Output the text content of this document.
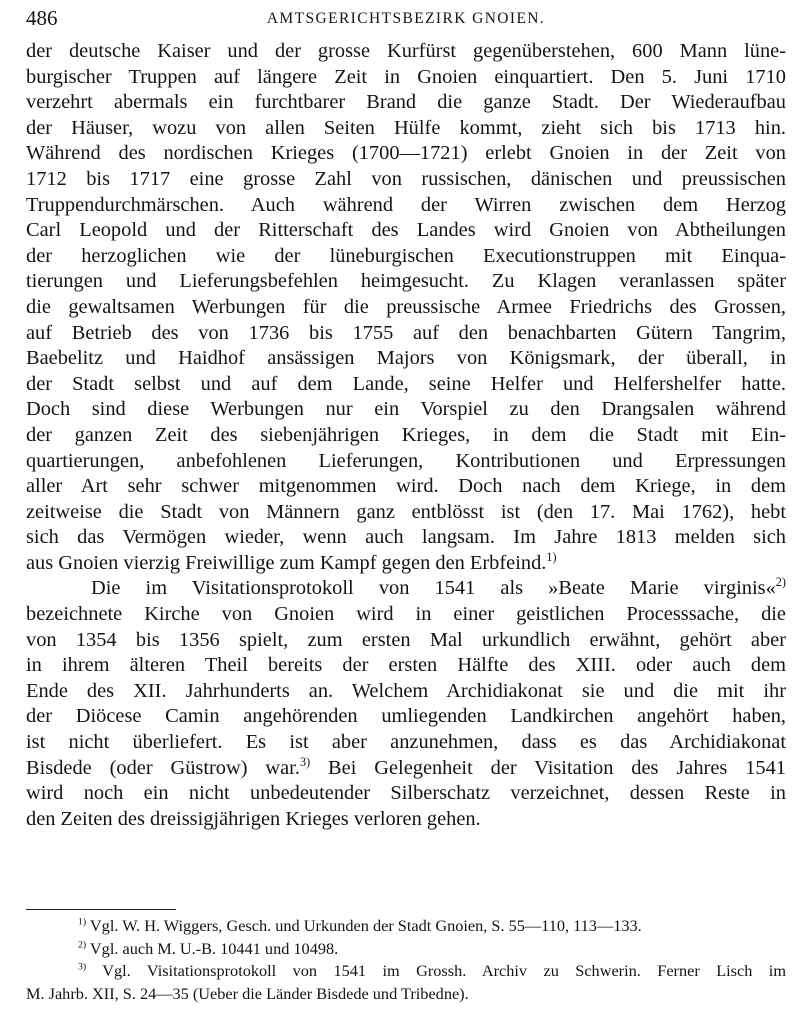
486	AMTSGERICHTSBEZIRK GNOIEN.
der deutsche Kaiser und der grosse Kurfürst gegenüberstehen, 600 Mann lüne-
burgischer Truppen auf längere Zeit in Gnoien einquartiert. Den 5. Juni 1710
verzehrt abermals ein furchtbarer Brand die ganze Stadt. Der Wiederaufbau
der Häuser, wozu von allen Seiten Hülfe kommt, zieht sich bis 1713 hin.
Während des nordischen Krieges (1700—1721) erlebt Gnoien in der Zeit von
1712 bis 1717 eine grosse Zahl von russischen, dänischen und preussischen
Truppendurchmärschen. Auch während der Wirren zwischen dem Herzog
Carl Leopold und der Ritterschaft des Landes wird Gnoien von Abtheilungen
der herzoglichen wie der lüneburgischen Executionstruppen mit Einqua-
tierungen und Lieferungsbefehlen heimgesucht. Zu Klagen veranlassen später
die gewaltsamen Werbungen für die preussische Armee Friedrichs des Grossen,
auf Betrieb des von 1736 bis 1755 auf den benachbarten Gütern Tangrim,
Baebelitz und Haidhof ansässigen Majors von Königsmark, der überall, in
der Stadt selbst und auf dem Lande, seine Helfer und Helfershelfer hatte.
Doch sind diese Werbungen nur ein Vorspiel zu den Drangsalen während
der ganzen Zeit des siebenjährigen Krieges, in dem die Stadt mit Ein-
quartierungen, anbefohlenen Lieferungen, Kontributionen und Erpressungen
aller Art sehr schwer mitgenommen wird. Doch nach dem Kriege, in dem
zeitweise die Stadt von Männern ganz entblösst ist (den 17. Mai 1762), hebt
sich das Vermögen wieder, wenn auch langsam. Im Jahre 1813 melden sich
aus Gnoien vierzig Freiwillige zum Kampf gegen den Erbfeind.$^{1)}$
Die im Visitationsprotokoll von 1541 als »Beate Marie virginis«$^{2)}$
bezeichnete Kirche von Gnoien wird in einer geistlichen Processsache, die
von 1354 bis 1356 spielt, zum ersten Mal urkundlich erwähnt, gehört aber
in ihrem älteren Theil bereits der ersten Hälfte des XIII. oder auch dem
Ende des XII. Jahrhunderts an. Welchem Archidiakonat sie und die mit ihr
der Diöcese Camin angehörenden umliegenden Landkirchen angehört haben,
ist nicht überliefert. Es ist aber anzunehmen, dass es das Archidiakonat
Bisdede (oder Güstrow) war.$^{3)}$ Bei Gelegenheit der Visitation des Jahres 1541
wird noch ein nicht unbedeutender Silberschatz verzeichnet, dessen Reste in
den Zeiten des dreissigjährigen Krieges verloren gehen.
$^{1)}$ Vgl. W. H. Wiggers, Gesch. und Urkunden der Stadt Gnoien, S. 55—110, 113—133.
$^{2)}$ Vgl. auch M. U.-B. 10441 und 10498.
$^{3)}$ Vgl. Visitationsprotokoll von 1541 im Grossh. Archiv zu Schwerin. Ferner Lisch im
M. Jahrb. XII, S. 24—35 (Ueber die Länder Bisdede und Tribedne).
